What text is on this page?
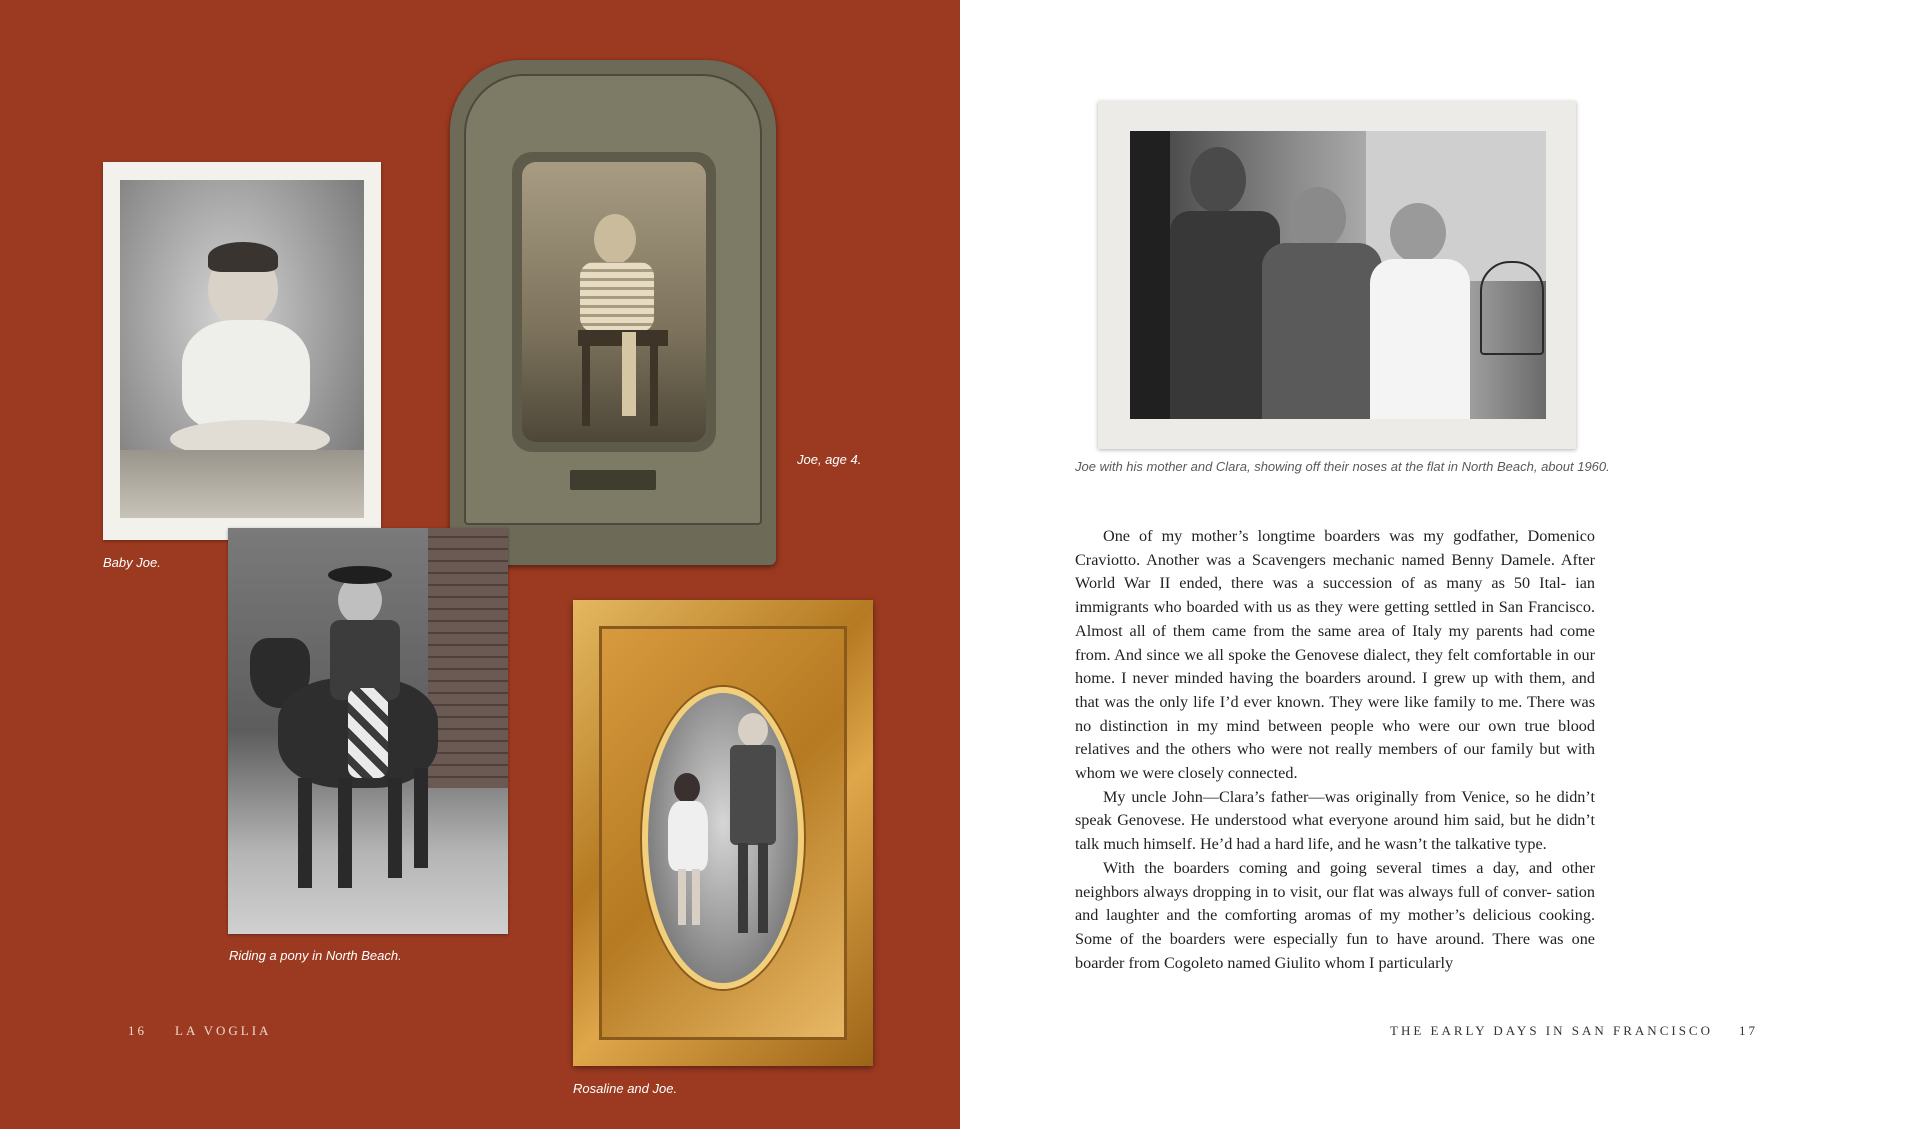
Baby Joe.
Joe, age 4.
Riding a pony in North Beach.
Rosaline and Joe.
16 LA VOGLIA
Joe with his mother and Clara, showing off their noses at the flat in North Beach, about 1960.

One of my mother’s longtime boarders was my godfather, Domenico Craviotto. Another was a Scavengers mechanic named Benny Damele. After World War II ended, there was a succession of as many as 50 Ital- ian immigrants who boarded with us as they were getting settled in San Francisco. Almost all of them came from the same area of Italy my parents had come from. And since we all spoke the Genovese dialect, they felt comfortable in our home. I never minded having the boarders around. I grew up with them, and that was the only life I’d ever known. They were like family to me. There was no distinction in my mind between people who were our own true blood relatives and the others who were not really members of our family but with whom we were closely connected.

My uncle John—Clara’s father—was originally from Venice, so he didn’t speak Genovese. He understood what everyone around him said, but he didn’t talk much himself. He’d had a hard life, and he wasn’t the talkative type.

With the boarders coming and going several times a day, and other neighbors always dropping in to visit, our flat was always full of conver- sation and laughter and the comforting aromas of my mother’s delicious cooking. Some of the boarders were especially fun to have around. There was one boarder from Cogoleto named Giulito whom I particularly

THE EARLY DAYS IN SAN FRANCISCO 17
